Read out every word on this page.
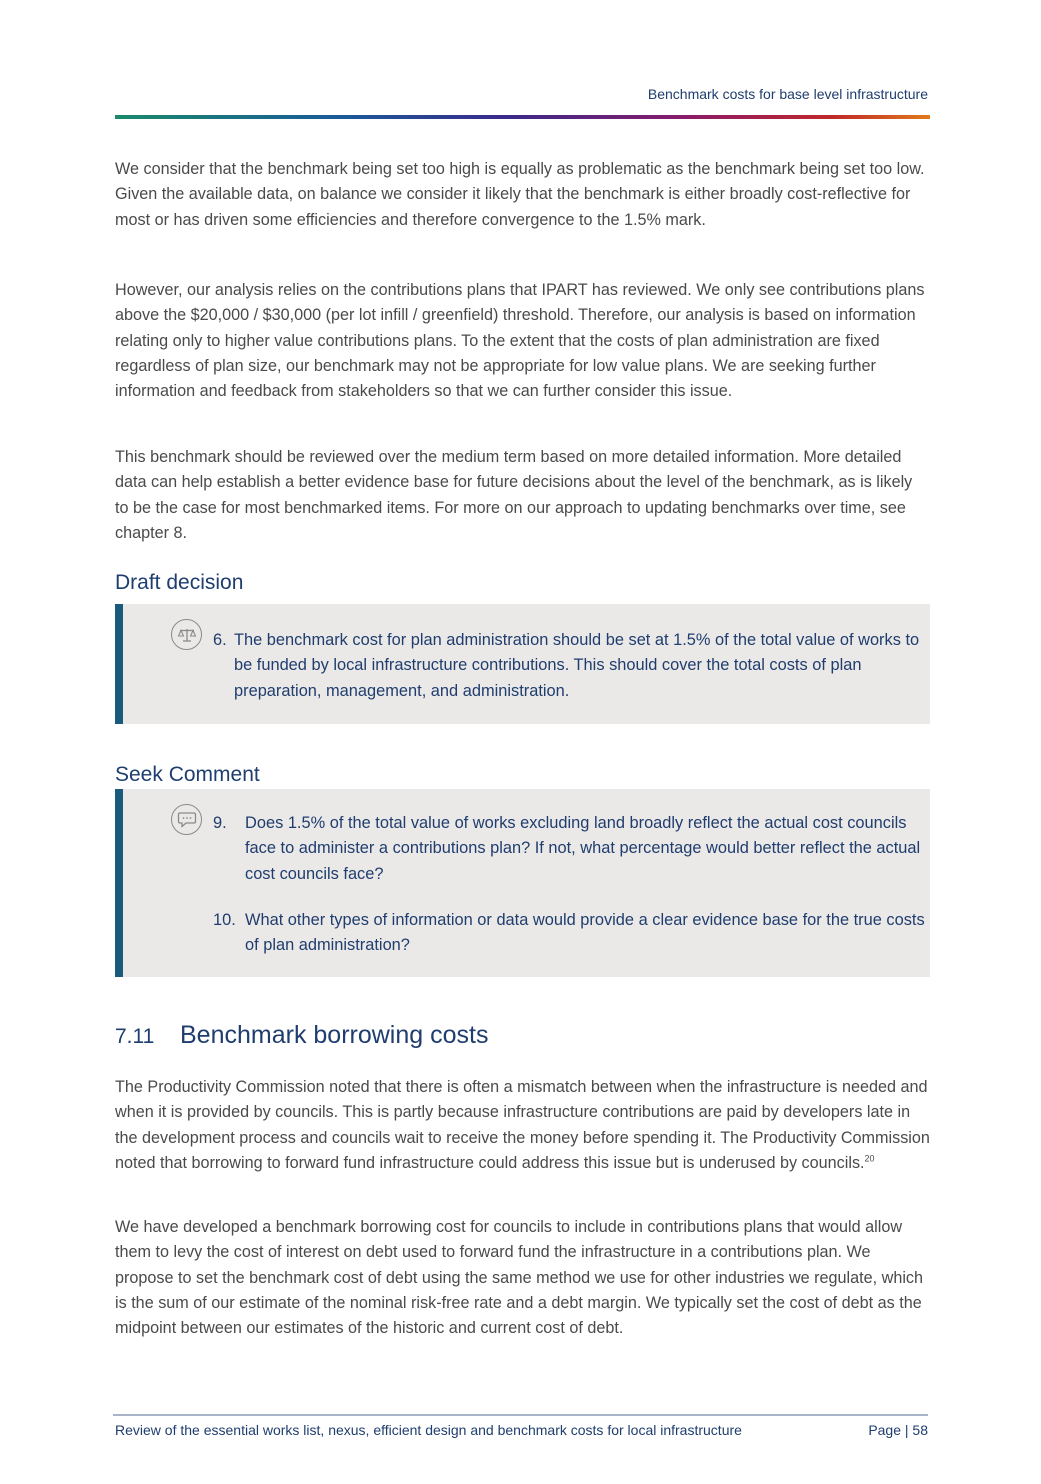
Benchmark costs for base level infrastructure

We consider that the benchmark being set too high is equally as problematic as the benchmark being set too low. Given the available data, on balance we consider it likely that the benchmark is either broadly cost-reflective for most or has driven some efficiencies and therefore convergence to the 1.5% mark.

However, our analysis relies on the contributions plans that IPART has reviewed. We only see contributions plans above the $20,000 / $30,000 (per lot infill / greenfield) threshold. Therefore, our analysis is based on information relating only to higher value contributions plans. To the extent that the costs of plan administration are fixed regardless of plan size, our benchmark may not be appropriate for low value plans. We are seeking further information and feedback from stakeholders so that we can further consider this issue.

This benchmark should be reviewed over the medium term based on more detailed information. More detailed data can help establish a better evidence base for future decisions about the level of the benchmark, as is likely to be the case for most benchmarked items. For more on our approach to updating benchmarks over time, see chapter 8.

Draft decision
6. The benchmark cost for plan administration should be set at 1.5% of the total value of works to be funded by local infrastructure contributions. This should cover the total costs of plan preparation, management, and administration.
Seek Comment
9.	Does 1.5% of the total value of works excluding land broadly reflect the actual cost councils face to administer a contributions plan? If not, what percentage would better reflect the actual cost councils face?
10. What other types of information or data would provide a clear evidence base for the true costs of plan administration?
7.11 Benchmark borrowing costs

The Productivity Commission noted that there is often a mismatch between when the infrastructure is needed and when it is provided by councils. This is partly because infrastructure contributions are paid by developers late in the development process and councils wait to receive the money before spending it. The Productivity Commission noted that borrowing to forward fund infrastructure could address this issue but is underused by councils.$^{20}$

We have developed a benchmark borrowing cost for councils to include in contributions plans that would allow them to levy the cost of interest on debt used to forward fund the infrastructure in a contributions plan. We propose to set the benchmark cost of debt using the same method we use for other industries we regulate, which is the sum of our estimate of the nominal risk-free rate and a debt margin. We typically set the cost of debt as the midpoint between our estimates of the historic and current cost of debt.

Review of the essential works list, nexus, efficient design and benchmark costs for local infrastructure	Page | 58
